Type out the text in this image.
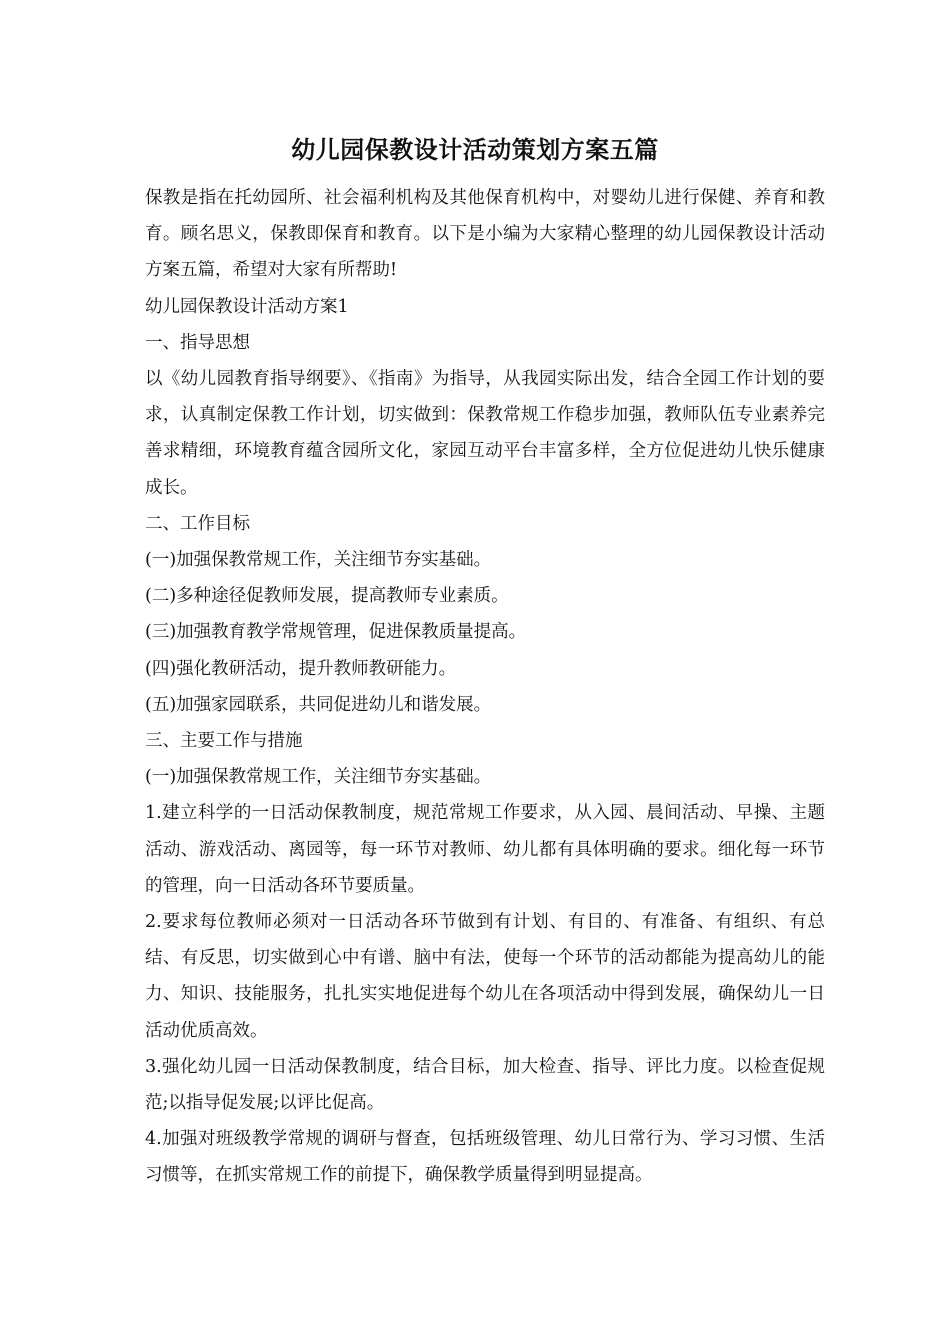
幼儿园保教设计活动策划方案五篇

保教是指在托幼园所、社会福利机构及其他保育机构中，对婴幼儿进行保健、养育和教育。顾名思义，保教即保育和教育。以下是小编为大家精心整理的幼儿园保教设计活动方案五篇，希望对大家有所帮助!

幼儿园保教设计活动方案1

一、指导思想

以《幼儿园教育指导纲要》、《指南》为指导，从我园实际出发，结合全园工作计划的要求，认真制定保教工作计划，切实做到：保教常规工作稳步加强，教师队伍专业素养完善求精细，环境教育蕴含园所文化，家园互动平台丰富多样，全方位促进幼儿快乐健康成长。

二、工作目标

(一)加强保教常规工作，关注细节夯实基础。

(二)多种途径促教师发展，提高教师专业素质。

(三)加强教育教学常规管理，促进保教质量提高。

(四)强化教研活动，提升教师教研能力。

(五)加强家园联系，共同促进幼儿和谐发展。

三、主要工作与措施

(一)加强保教常规工作，关注细节夯实基础。

1.建立科学的一日活动保教制度，规范常规工作要求，从入园、晨间活动、早操、主题活动、游戏活动、离园等，每一环节对教师、幼儿都有具体明确的要求。细化每一环节的管理，向一日活动各环节要质量。

2.要求每位教师必须对一日活动各环节做到有计划、有目的、有准备、有组织、有总结、有反思，切实做到心中有谱、脑中有法，使每一个环节的活动都能为提高幼儿的能力、知识、技能服务，扎扎实实地促进每个幼儿在各项活动中得到发展，确保幼儿一日活动优质高效。

3.强化幼儿园一日活动保教制度，结合目标，加大检查、指导、评比力度。以检查促规范;以指导促发展;以评比促高。

4.加强对班级教学常规的调研与督查，包括班级管理、幼儿日常行为、学习习惯、生活习惯等，在抓实常规工作的前提下，确保教学质量得到明显提高。
